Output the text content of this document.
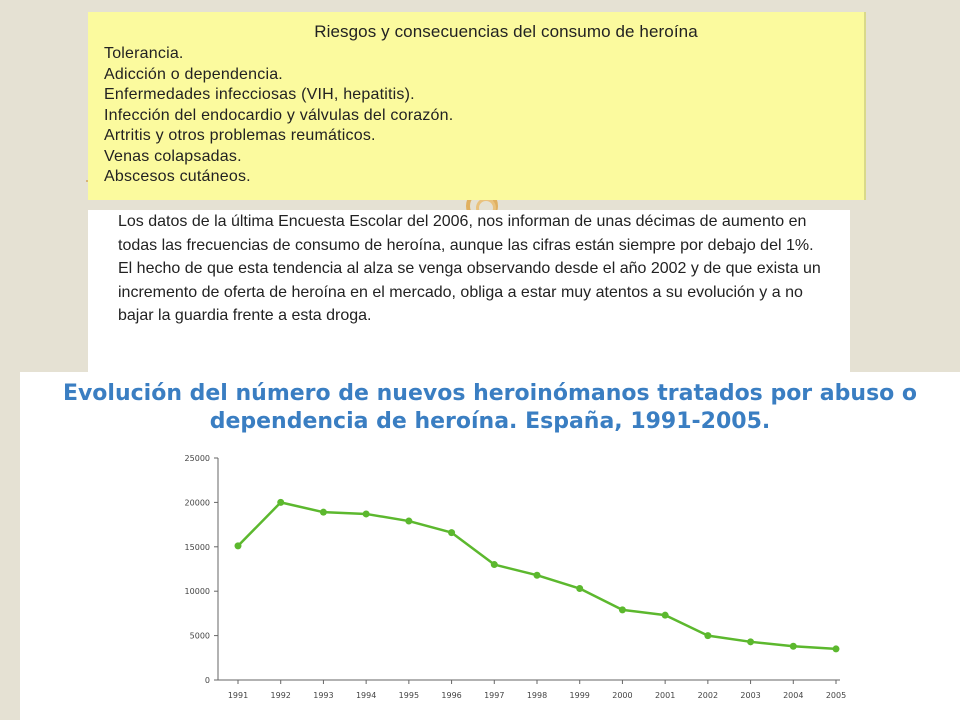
Riesgos y consecuencias del consumo de heroína
Tolerancia.
Adicción o dependencia.
Enfermedades infecciosas (VIH, hepatitis).
Infección del endocardio y válvulas del corazón.
Artritis y otros problemas reumáticos.
Venas colapsadas.
Abscesos cutáneos.

Los datos de la última Encuesta Escolar del 2006, nos informan de unas décimas de aumento en todas las frecuencias de consumo de heroína, aunque las cifras están siempre por debajo del 1%. El hecho de que esta tendencia al alza se venga observando desde el año 2002 y de que exista un incremento de oferta de heroína en el mercado, obliga a estar muy atentos a su evolución y a no bajar la guardia frente a esta droga.

0
5000
10000
15000
20000
25000
1991	1992	1993	1994	1995	1996	1997	1998	1999	2000	2001	2002	2003	2004	2005
Evolución del número de nuevos heroinómanos tratados por abuso o dependencia de heroína. España, 1991-2005.
